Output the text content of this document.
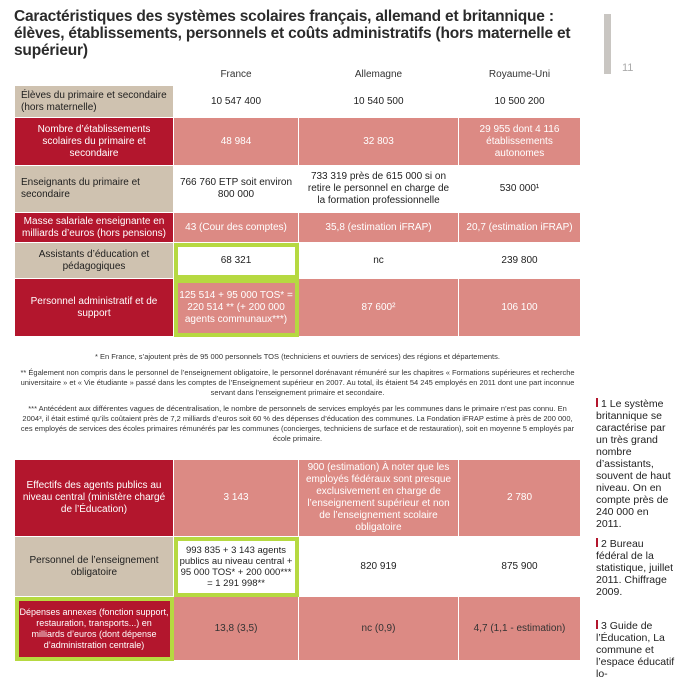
Caractéristiques des systèmes scolaires français, allemand et britannique : élèves, établissements, personnels et coûts administratifs (hors maternelle et supérieur)
11
	France	Allemagne	Royaume-Uni
Élèves du primaire et secondaire (hors maternelle)	10 547 400	10 540 500	10 500 200
Nombre d’établissements scolaires du primaire et secondaire	48 984	32 803	29 955 dont 4 116 établissements autonomes
Enseignants du primaire et secondaire	766 760 ETP soit environ 800 000	733 319 près de 615 000 si on retire le personnel en charge de la formation professionnelle	530 000¹
Masse salariale enseignante en milliards d’euros (hors pensions)	43 (Cour des comptes)	35,8 (estimation iFRAP)	20,7 (estimation iFRAP)
Assistants d’éducation et pédagogiques	68 321	nc	239 800
Personnel administratif et de support	125 514 + 95 000 TOS* = 220 514 ** (+ 200 000 agents communaux***)	87 600²	106 100

* En France, s’ajoutent près de 95 000 personnels TOS (techniciens et ouvriers de services) des régions et départements.
** Également non compris dans le personnel de l’enseignement obligatoire, le personnel dorénavant rémunéré sur les chapitres « Formations supérieures et recherche universitaire » et « Vie étudiante » passé dans les comptes de l’Enseignement supérieur en 2007. Au total, ils étaient 54 245 employés en 2011 dont une part inconnue servant dans l’enseignement primaire et secondaire.
*** Antécédent aux différentes vagues de décentralisation, le nombre de personnels de services employés par les communes dans le primaire n’est pas connu. En 2004³, il était estimé qu’ils coûtaient près de 7,2 milliards d’euros soit 60 % des dépenses d’éducation des communes. La Fondation iFRAP estime à près de 200 000, ces employés de services des écoles primaires rémunérés par les communes (concierges, techniciens de surface et de restauration), soit en moyenne 5 employés par école primaire.			

Effectifs des agents publics au niveau central (ministère chargé de l’Éducation)	3 143	900 (estimation) À noter que les employés fédéraux sont presque exclusivement en charge de l’enseignement supérieur et non de l’enseignement scolaire obligatoire	2 780
Personnel de l’enseignement obligatoire	993 835 + 3 143 agents publics au niveau central + 95 000 TOS* + 200 000*** = 1 291 998**	820 919	875 900
Dépenses annexes (fonction support, restauration, transports...) en milliards d’euros (dont dépense d’administration centrale)	13,8 (3,5)	nc (0,9)	4,7 (1,1 - estimation)
1 Le système britannique se caractérise par un très grand nombre d’assistants, souvent de haut niveau. On en compte près de 240 000 en 2011.
2 Bureau fédéral de la statistique, juillet 2011. Chiffrage 2009.
3 Guide de l’Éducation, La commune et l’espace éducatif lo-
